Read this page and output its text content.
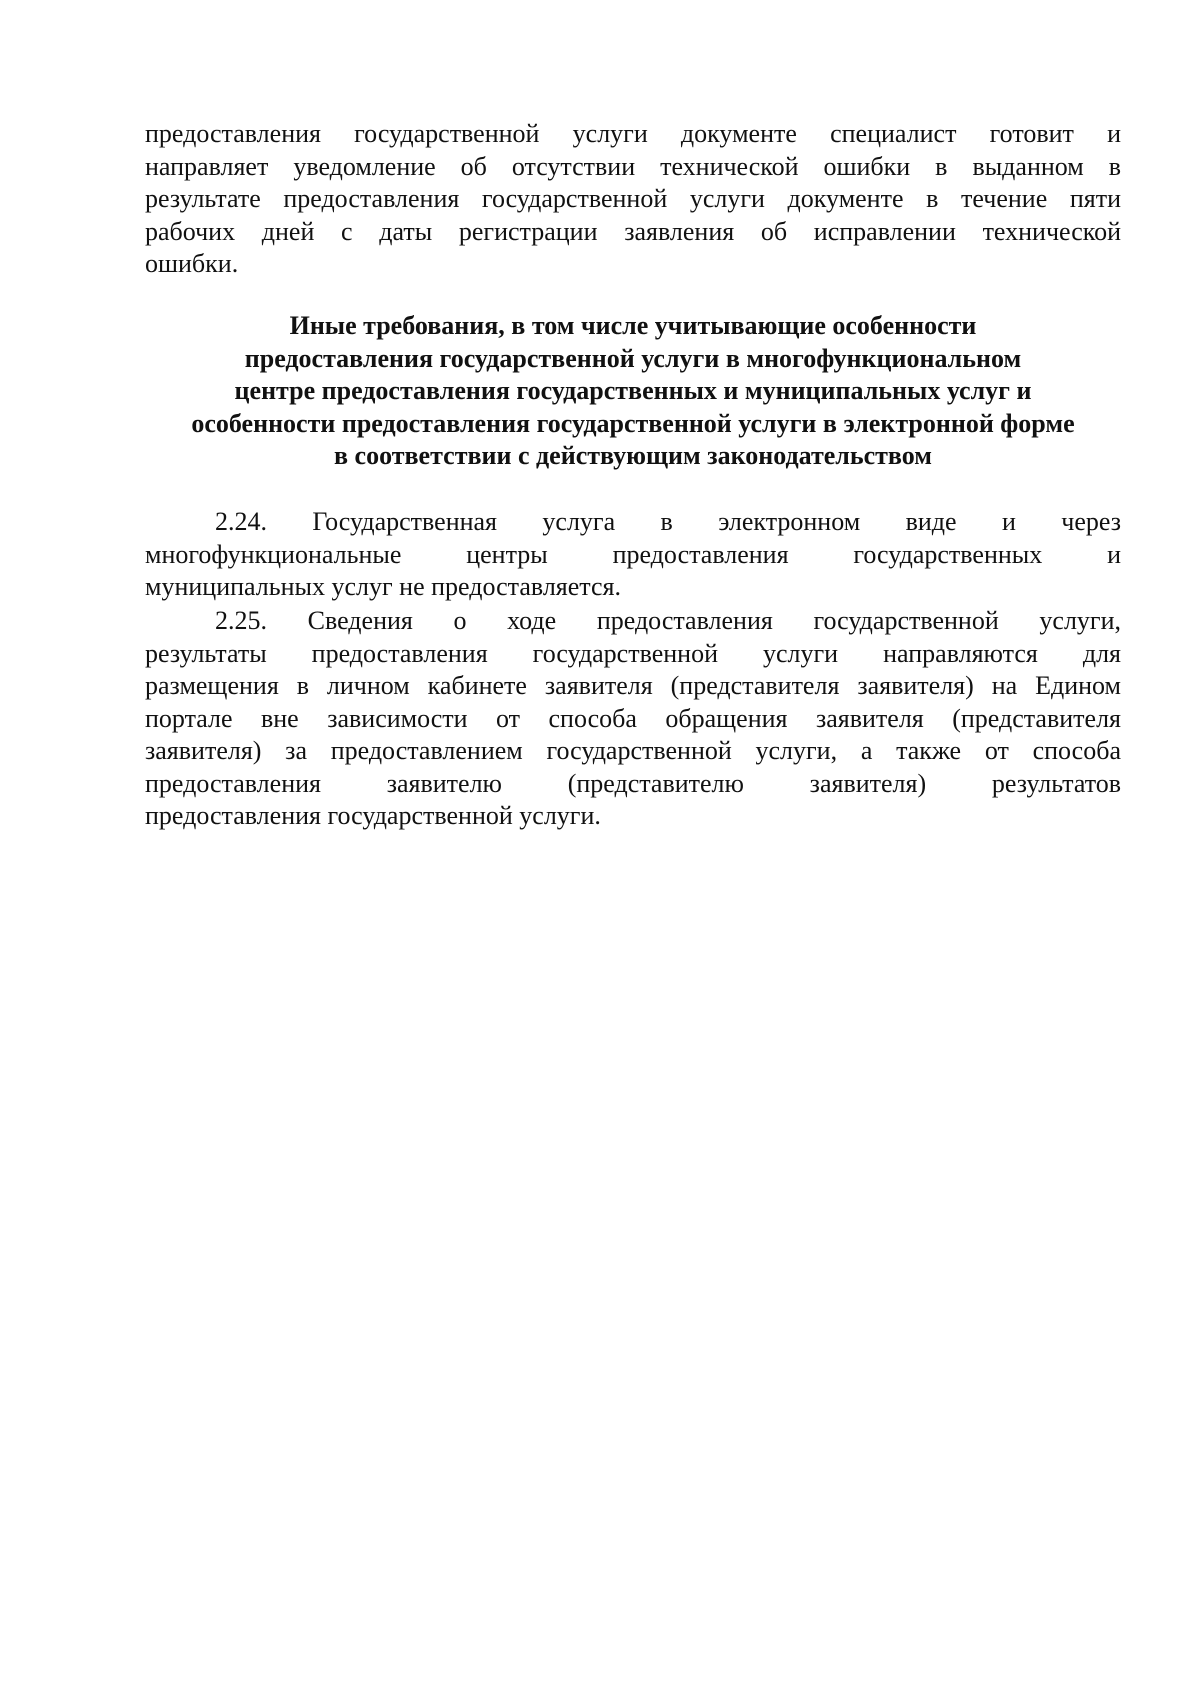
предоставления государственной услуги документе специалист готовит и
направляет уведомление об отсутствии технической ошибки в выданном в
результате предоставления государственной услуги документе в течение пяти
рабочих дней с даты регистрации заявления об исправлении технической
ошибки.
Иные требования, в том числе учитывающие особенности
предоставления государственной услуги в многофункциональном
центре предоставления государственных и муниципальных услуг и
особенности предоставления государственной услуги в электронной форме
в соответствии с действующим законодательством
2.24. Государственная услуга в электронном виде и через
многофункциональные центры предоставления государственных и
муниципальных услуг не предоставляется.
2.25. Сведения о ходе предоставления государственной услуги,
результаты предоставления государственной услуги направляются для
размещения в личном кабинете заявителя (представителя заявителя) на Едином
портале вне зависимости от способа обращения заявителя (представителя
заявителя) за предоставлением государственной услуги, а также от способа
предоставления заявителю (представителю заявителя) результатов
предоставления государственной услуги.
